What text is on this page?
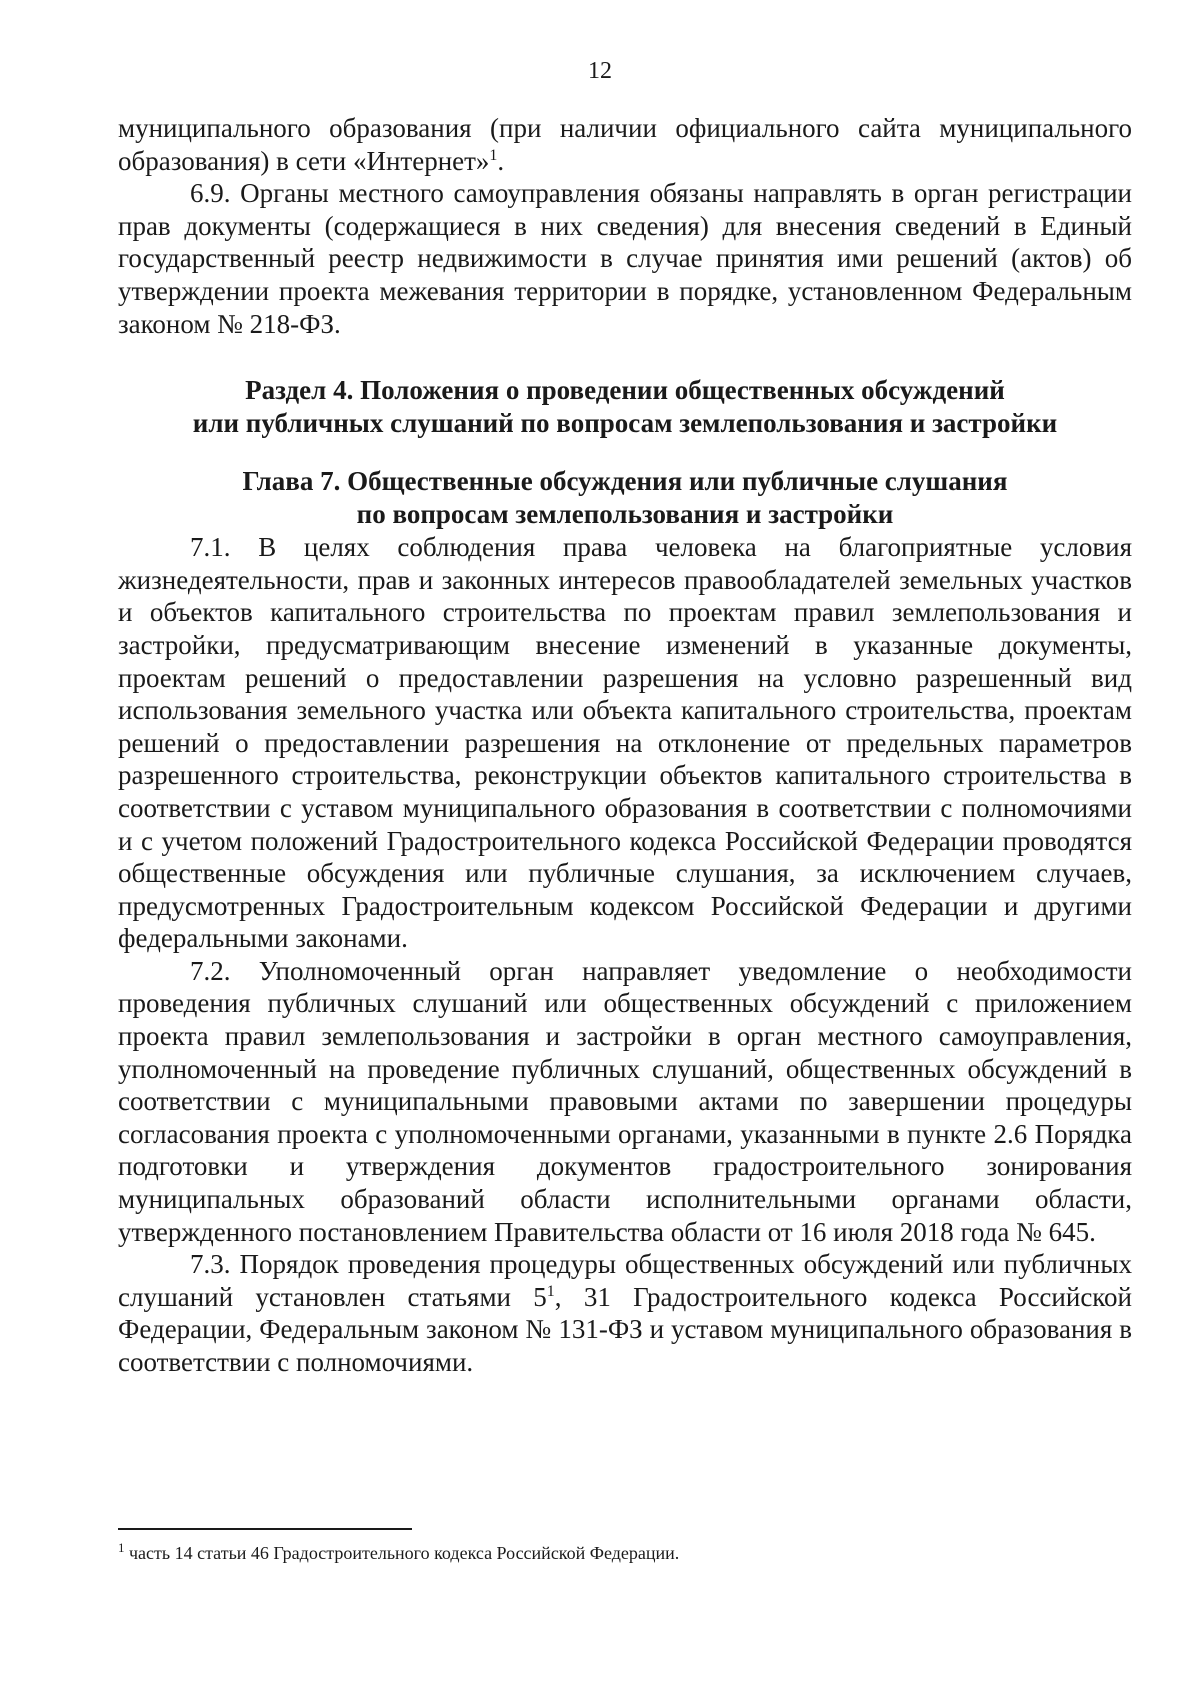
12

муниципального образования (при наличии официального сайта муниципального образования) в сети «Интернет»$^1$.

6.9. Органы местного самоуправления обязаны направлять в орган регистрации прав документы (содержащиеся в них сведения) для внесения сведений в Единый государственный реестр недвижимости в случае принятия ими решений (актов) об утверждении проекта межевания территории в порядке, установленном Федеральным законом № 218-ФЗ.

Раздел 4. Положения о проведении общественных обсуждений
или публичных слушаний по вопросам землепользования и застройки
Глава 7. Общественные обсуждения или публичные слушания
по вопросам землепользования и застройки

7.1. В целях соблюдения права человека на благоприятные условия жизнедеятельности, прав и законных интересов правообладателей земельных участков и объектов капитального строительства по проектам правил землепользования и застройки, предусматривающим внесение изменений в указанные документы, проектам решений о предоставлении разрешения на условно разрешенный вид использования земельного участка или объекта капитального строительства, проектам решений о предоставлении разрешения на отклонение от предельных параметров разрешенного строительства, реконструкции объектов капитального строительства в соответствии с уставом муниципального образования в соответствии с полномочиями и с учетом положений Градостроительного кодекса Российской Федерации проводятся общественные обсуждения или публичные слушания, за исключением случаев, предусмотренных Градостроительным кодексом Российской Федерации и другими федеральными законами.

7.2. Уполномоченный орган направляет уведомление о необходимости проведения публичных слушаний или общественных обсуждений с приложением проекта правил землепользования и застройки в орган местного самоуправления, уполномоченный на проведение публичных слушаний, общественных обсуждений в соответствии с муниципальными правовыми актами по завершении процедуры согласования проекта с уполномоченными органами, указанными в пункте 2.6 Порядка подготовки и утверждения документов градостроительного зонирования муниципальных образований области исполнительными органами области, утвержденного постановлением Правительства области от 16 июля 2018 года № 645.

7.3. Порядок проведения процедуры общественных обсуждений или публичных слушаний установлен статьями $5^1$, 31 Градостроительного кодекса Российской Федерации, Федеральным законом № 131-ФЗ и уставом муниципального образования в соответствии с полномочиями.

$^1$ часть 14 статьи 46 Градостроительного кодекса Российской Федерации.
